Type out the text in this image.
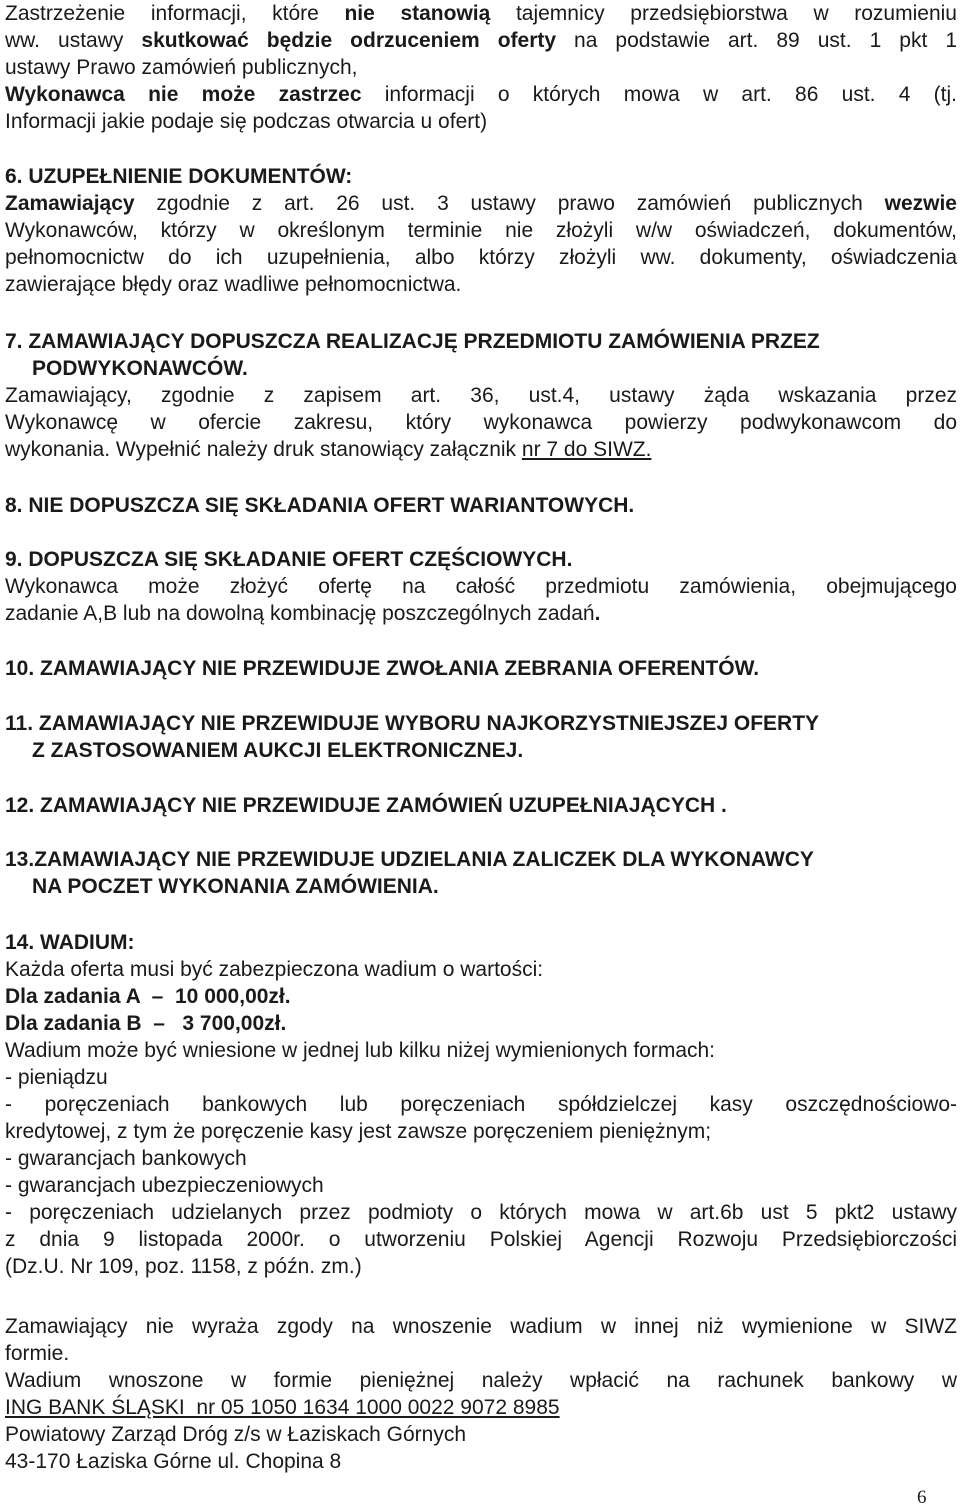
Zastrzeżenie informacji, które nie stanowią tajemnicy przedsiębiorstwa w rozumieniu
ww. ustawy skutkować będzie odrzuceniem oferty na podstawie art. 89 ust. 1 pkt 1
ustawy Prawo zamówień publicznych,
Wykonawca nie może zastrzec informacji o których mowa w art. 86 ust. 4 (tj.
Informacji jakie podaje się podczas otwarcia u ofert)
6. UZUPEŁNIENIE DOKUMENTÓW:
Zamawiający zgodnie z art. 26 ust. 3 ustawy prawo zamówień publicznych wezwie
Wykonawców, którzy w określonym terminie nie złożyli w/w oświadczeń, dokumentów,
pełnomocnictw do ich uzupełnienia, albo którzy złożyli ww. dokumenty, oświadczenia
zawierające błędy oraz wadliwe pełnomocnictwa.
7. ZAMAWIAJĄCY DOPUSZCZA REALIZACJĘ PRZEDMIOTU ZAMÓWIENIA PRZEZ
PODWYKONAWCÓW.
Zamawiający, zgodnie z zapisem art. 36, ust.4, ustawy żąda wskazania przez
Wykonawcę w ofercie zakresu, który wykonawca powierzy podwykonawcom do
wykonania. Wypełnić należy druk stanowiący załącznik nr 7 do SIWZ.
8. NIE DOPUSZCZA SIĘ SKŁADANIA OFERT WARIANTOWYCH.
9. DOPUSZCZA SIĘ SKŁADANIE OFERT CZĘŚCIOWYCH.
Wykonawca może złożyć ofertę na całość przedmiotu zamówienia, obejmującego
zadanie A,B lub na dowolną kombinację poszczególnych zadań.
10. ZAMAWIAJĄCY NIE PRZEWIDUJE ZWOŁANIA ZEBRANIA OFERENTÓW.
11. ZAMAWIAJĄCY NIE PRZEWIDUJE WYBORU NAJKORZYSTNIEJSZEJ OFERTY
Z ZASTOSOWANIEM AUKCJI ELEKTRONICZNEJ.
12. ZAMAWIAJĄCY NIE PRZEWIDUJE ZAMÓWIEŃ UZUPEŁNIAJĄCYCH .
13.ZAMAWIAJĄCY NIE PRZEWIDUJE UDZIELANIA ZALICZEK DLA WYKONAWCY
NA POCZET WYKONANIA ZAMÓWIENIA.
14. WADIUM:
Każda oferta musi być zabezpieczona wadium o wartości:
Dla zadania A  –  10 000,00zł.
Dla zadania B  –   3 700,00zł.
Wadium może być wniesione w jednej lub kilku niżej wymienionych formach:
- pieniądzu
- poręczeniach bankowych lub poręczeniach spółdzielczej kasy oszczędnościowo-
kredytowej, z tym że poręczenie kasy jest zawsze poręczeniem pieniężnym;
- gwarancjach bankowych
- gwarancjach ubezpieczeniowych
- poręczeniach udzielanych przez podmioty o których mowa w art.6b ust 5 pkt2 ustawy
z dnia 9 listopada 2000r. o utworzeniu Polskiej Agencji Rozwoju Przedsiębiorczości
(Dz.U. Nr 109, poz. 1158, z późn. zm.)
Zamawiający nie wyraża zgody na wnoszenie wadium w innej niż wymienione w SIWZ
formie.
Wadium wnoszone w formie pieniężnej należy wpłacić na rachunek bankowy w
ING BANK ŚLĄSKI  nr 05 1050 1634 1000 0022 9072 8985
Powiatowy Zarząd Dróg z/s w Łaziskach Górnych
43-170 Łaziska Górne ul. Chopina 8
6
